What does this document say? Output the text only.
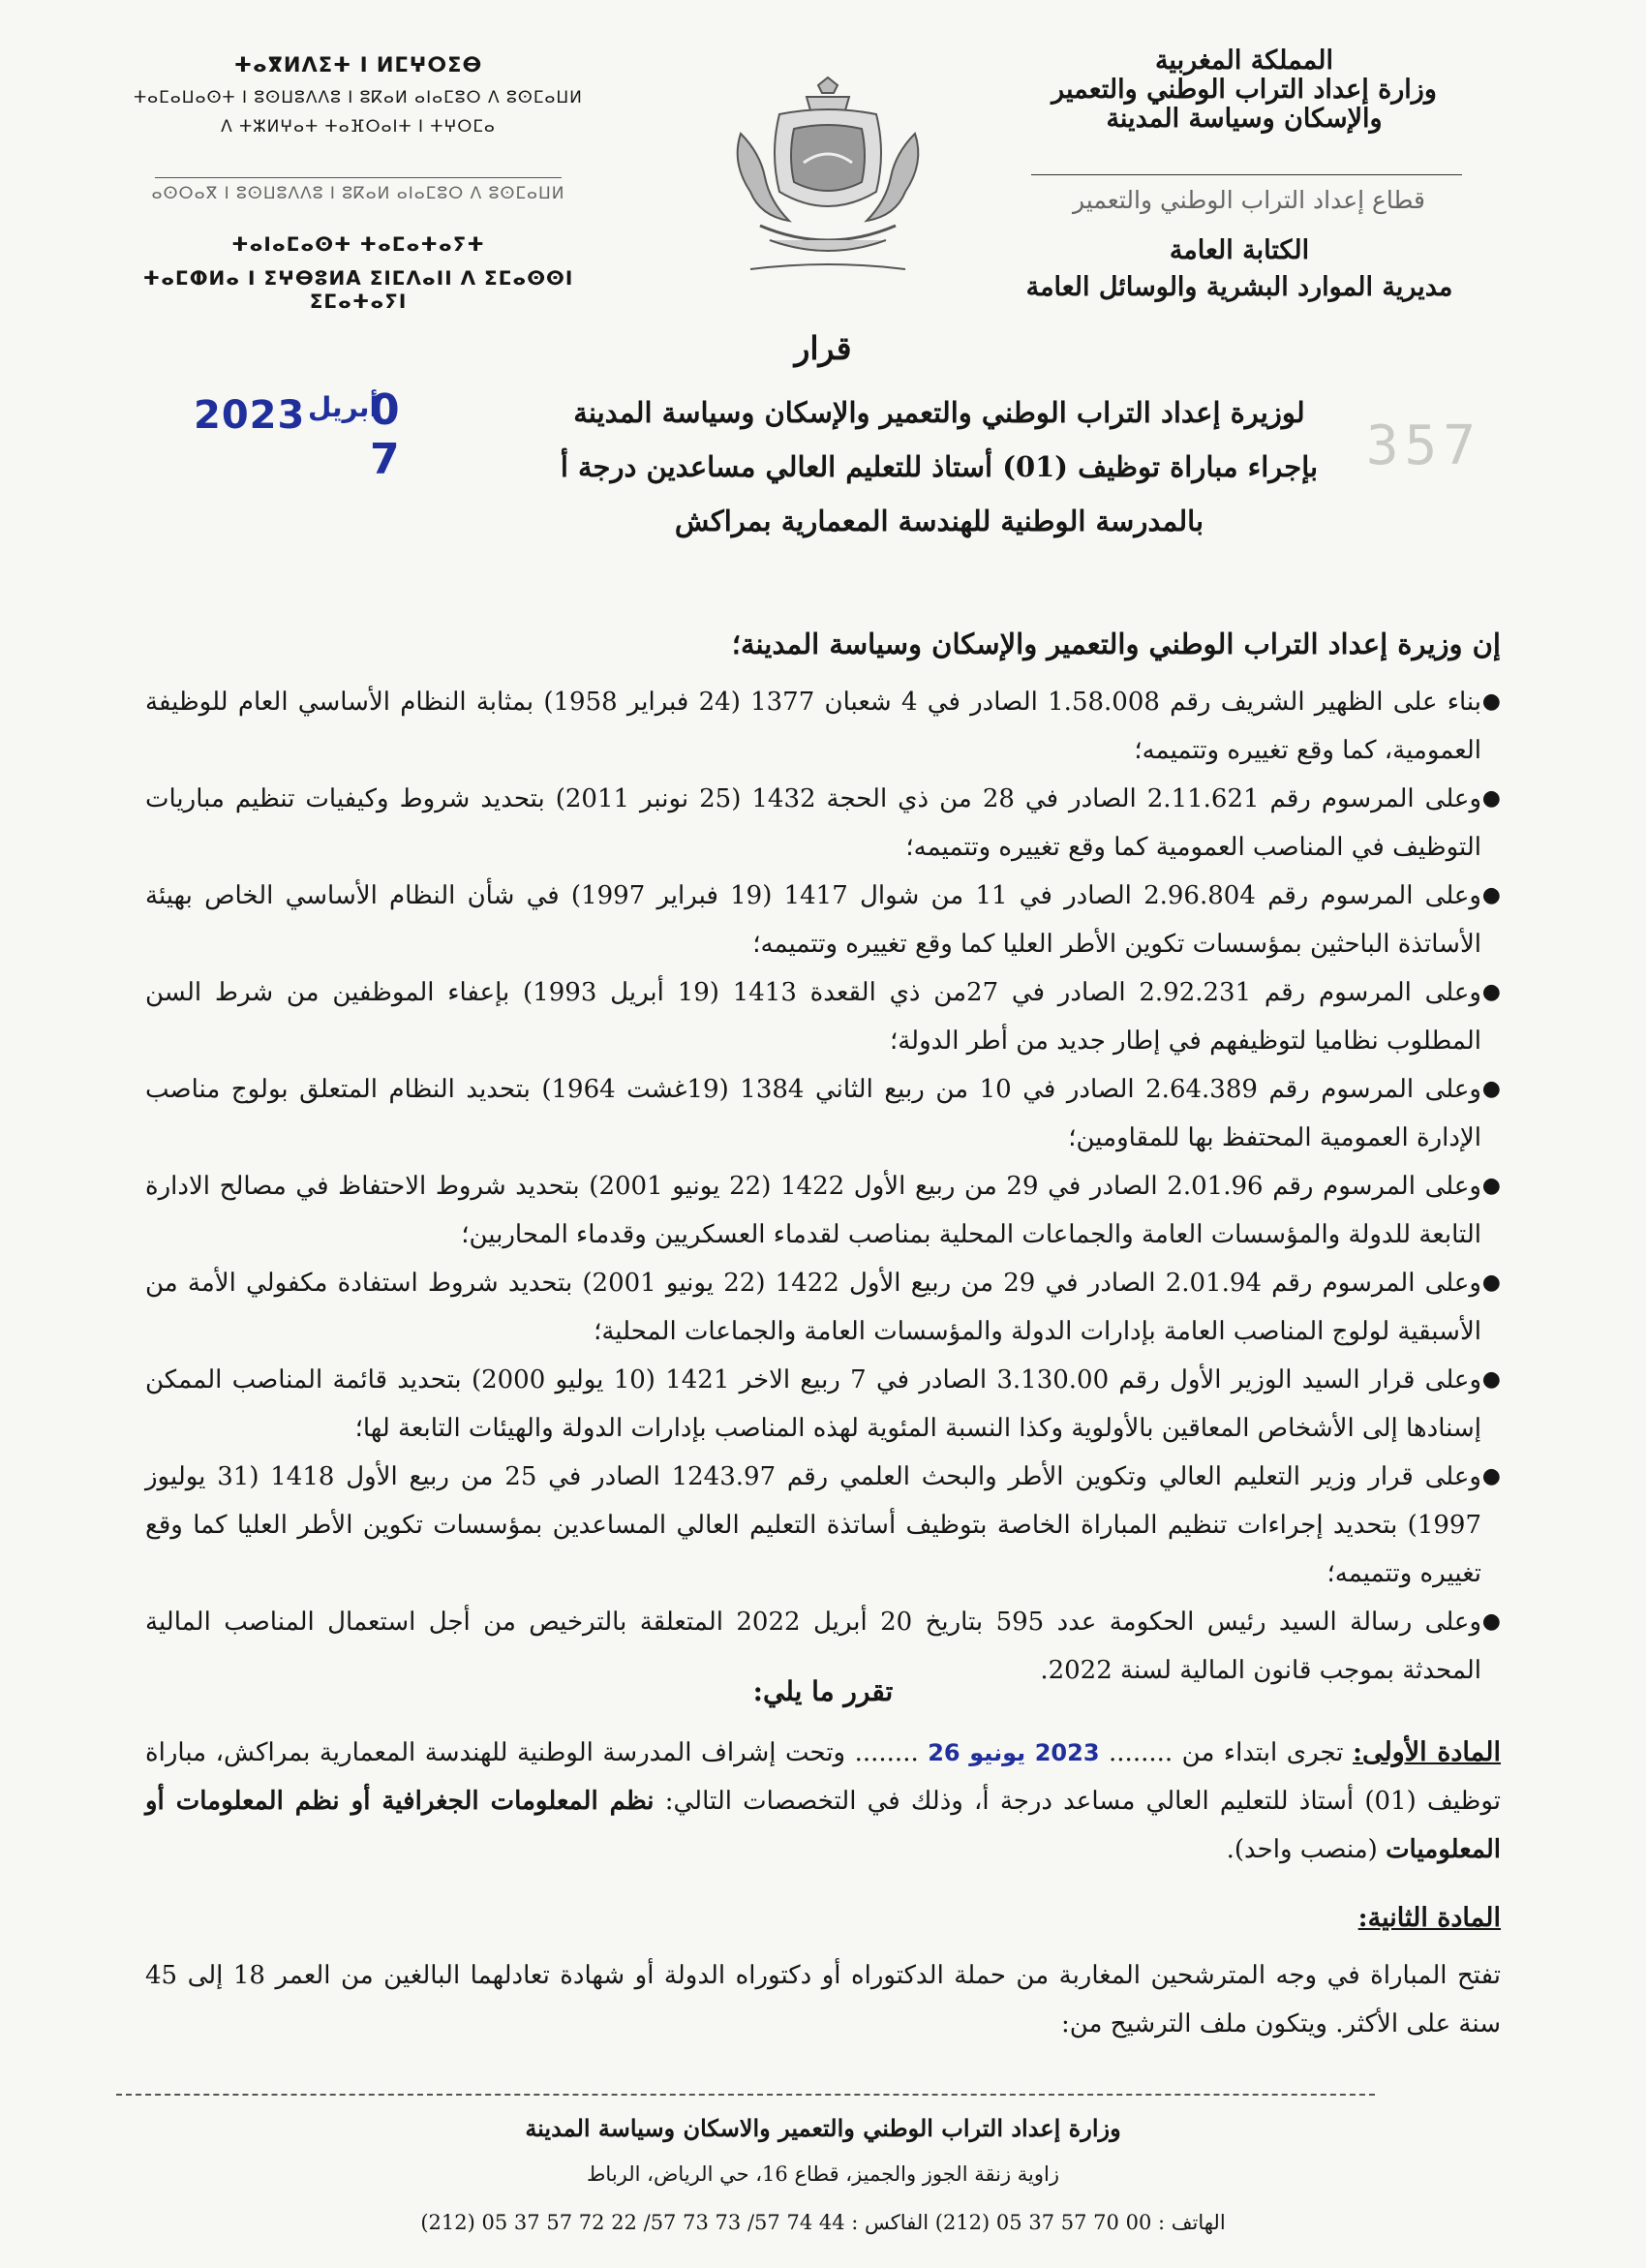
المملكة المغربية
وزارة إعداد التراب الوطني والتعمير
والإسكان وسياسة المدينة
قطاع إعداد التراب الوطني والتعمير
الكتابة العامة
مديرية الموارد البشرية والوسائل العامة
ⵜⴰⴳⵍⴷⵉⵜ ⵏ ⵍⵎⵖⵔⵉⴱ
ⵜⴰⵎⴰⵡⴰⵙⵜ ⵏ ⵓⵙⵡⵓⴷⴷⵓ ⵏ ⵓⴽⴰⵍ ⴰⵏⴰⵎⵓⵔ ⴷ ⵓⵙⵎⴰⵡⵍ
ⴷ ⵜⵣⵍⵖⴰⵜ ⵜⴰⴼⵔⴰⵏⵜ ⵏ ⵜⵖⵔⵎⴰ
ⴰⵙⵔⴰⴳ ⵏ ⵓⵙⵡⵓⴷⴷⵓ ⵏ ⵓⴽⴰⵍ ⴰⵏⴰⵎⵓⵔ ⴷ ⵓⵙⵎⴰⵡⵍ
ⵜⴰⵏⴰⵎⴰⵙⵜ ⵜⴰⵎⴰⵜⴰⵢⵜ
ⵜⴰⵎⵀⵍⴰ ⵏ ⵉⵖⴱⵓⵍA ⵉⵏⵎⴷⴰⵏⵏ ⴷ ⵉⵎⴰⵙⵙⵏ ⵉⵎⴰⵜⴰⵢⵏ
قرار
لوزيرة إعداد التراب الوطني والتعمير والإسكان وسياسة المدينة
بإجراء مباراة توظيف (01) أستاذ للتعليم العالي مساعدين درجة أ
بالمدرسة الوطنية للهندسة المعمارية بمراكش
2023 أبريل
0 7	357
إن وزيرة إعداد التراب الوطني والتعمير والإسكان وسياسة المدينة؛
●
بناء على الظهير الشريف رقم 1.58.008 الصادر في 4 شعبان 1377 (24 فبراير 1958) بمثابة النظام الأساسي العام للوظيفة العمومية، كما وقع تغييره وتتميمه؛
●
وعلى المرسوم رقم 2.11.621 الصادر في 28 من ذي الحجة 1432 (25 نونبر 2011) بتحديد شروط وكيفيات تنظيم مباريات التوظيف في المناصب العمومية كما وقع تغييره وتتميمه؛
●
وعلى المرسوم رقم 2.96.804 الصادر في 11 من شوال 1417 (19 فبراير 1997) في شأن النظام الأساسي الخاص بهيئة الأساتذة الباحثين بمؤسسات تكوين الأطر العليا كما وقع تغييره وتتميمه؛
●
وعلى المرسوم رقم 2.92.231 الصادر في 27من ذي القعدة 1413 (19 أبريل 1993) بإعفاء الموظفين من شرط السن المطلوب نظاميا لتوظيفهم في إطار جديد من أطر الدولة؛
●
وعلى المرسوم رقم 2.64.389 الصادر في 10 من ربيع الثاني 1384 (19غشت 1964) بتحديد النظام المتعلق بولوج مناصب الإدارة العمومية المحتفظ بها للمقاومين؛
●
وعلى المرسوم رقم 2.01.96 الصادر في 29 من ربيع الأول 1422 (22 يونيو 2001) بتحديد شروط الاحتفاظ في مصالح الادارة التابعة للدولة والمؤسسات العامة والجماعات المحلية بمناصب لقدماء العسكريين وقدماء المحاربين؛
●
وعلى المرسوم رقم 2.01.94 الصادر في 29 من ربيع الأول 1422 (22 يونيو 2001) بتحديد شروط استفادة مكفولي الأمة من الأسبقية لولوج المناصب العامة بإدارات الدولة والمؤسسات العامة والجماعات المحلية؛
●
وعلى قرار السيد الوزير الأول رقم 3.130.00 الصادر في 7 ربيع الاخر 1421 (10 يوليو 2000) بتحديد قائمة المناصب الممكن إسنادها إلى الأشخاص المعاقين بالأولوية وكذا النسبة المئوية لهذه المناصب بإدارات الدولة والهيئات التابعة لها؛
●
وعلى قرار وزير التعليم العالي وتكوين الأطر والبحث العلمي رقم 1243.97 الصادر في 25 من ربيع الأول 1418 (31 يوليوز 1997) بتحديد إجراءات تنظيم المباراة الخاصة بتوظيف أساتذة التعليم العالي المساعدين بمؤسسات تكوين الأطر العليا كما وقع تغييره وتتميمه؛
●
وعلى رسالة السيد رئيس الحكومة عدد 595 بتاريخ 20 أبريل 2022 المتعلقة بالترخيص من أجل استعمال المناصب المالية المحدثة بموجب قانون المالية لسنة 2022.
تقرر ما يلي:
المادة الأولى: تجرى ابتداء من ........ 2023 يونيو 26 ........ وتحت إشراف المدرسة الوطنية للهندسة المعمارية بمراكش، مباراة توظيف (01) أستاذ للتعليم العالي مساعد درجة أ، وذلك في التخصصات التالي: نظم المعلومات الجغرافية أو نظم المعلومات أو المعلوميات (منصب واحد).
المادة الثانية:
تفتح المباراة في وجه المترشحين المغاربة من حملة الدكتوراه أو دكتوراه الدولة أو شهادة تعادلهما البالغين من العمر 18 إلى 45 سنة على الأكثر. ويتكون ملف الترشيح من:
وزارة إعداد التراب الوطني والتعمير والاسكان وسياسة المدينة
زاوية زنقة الجوز والجميز، قطاع 16، حي الرياض، الرباط
الهاتف : 00 70 57 37 05 (212) الفاكس : 44 74 57/ 73 73 57/ 22 72 57 37 05 (212)
